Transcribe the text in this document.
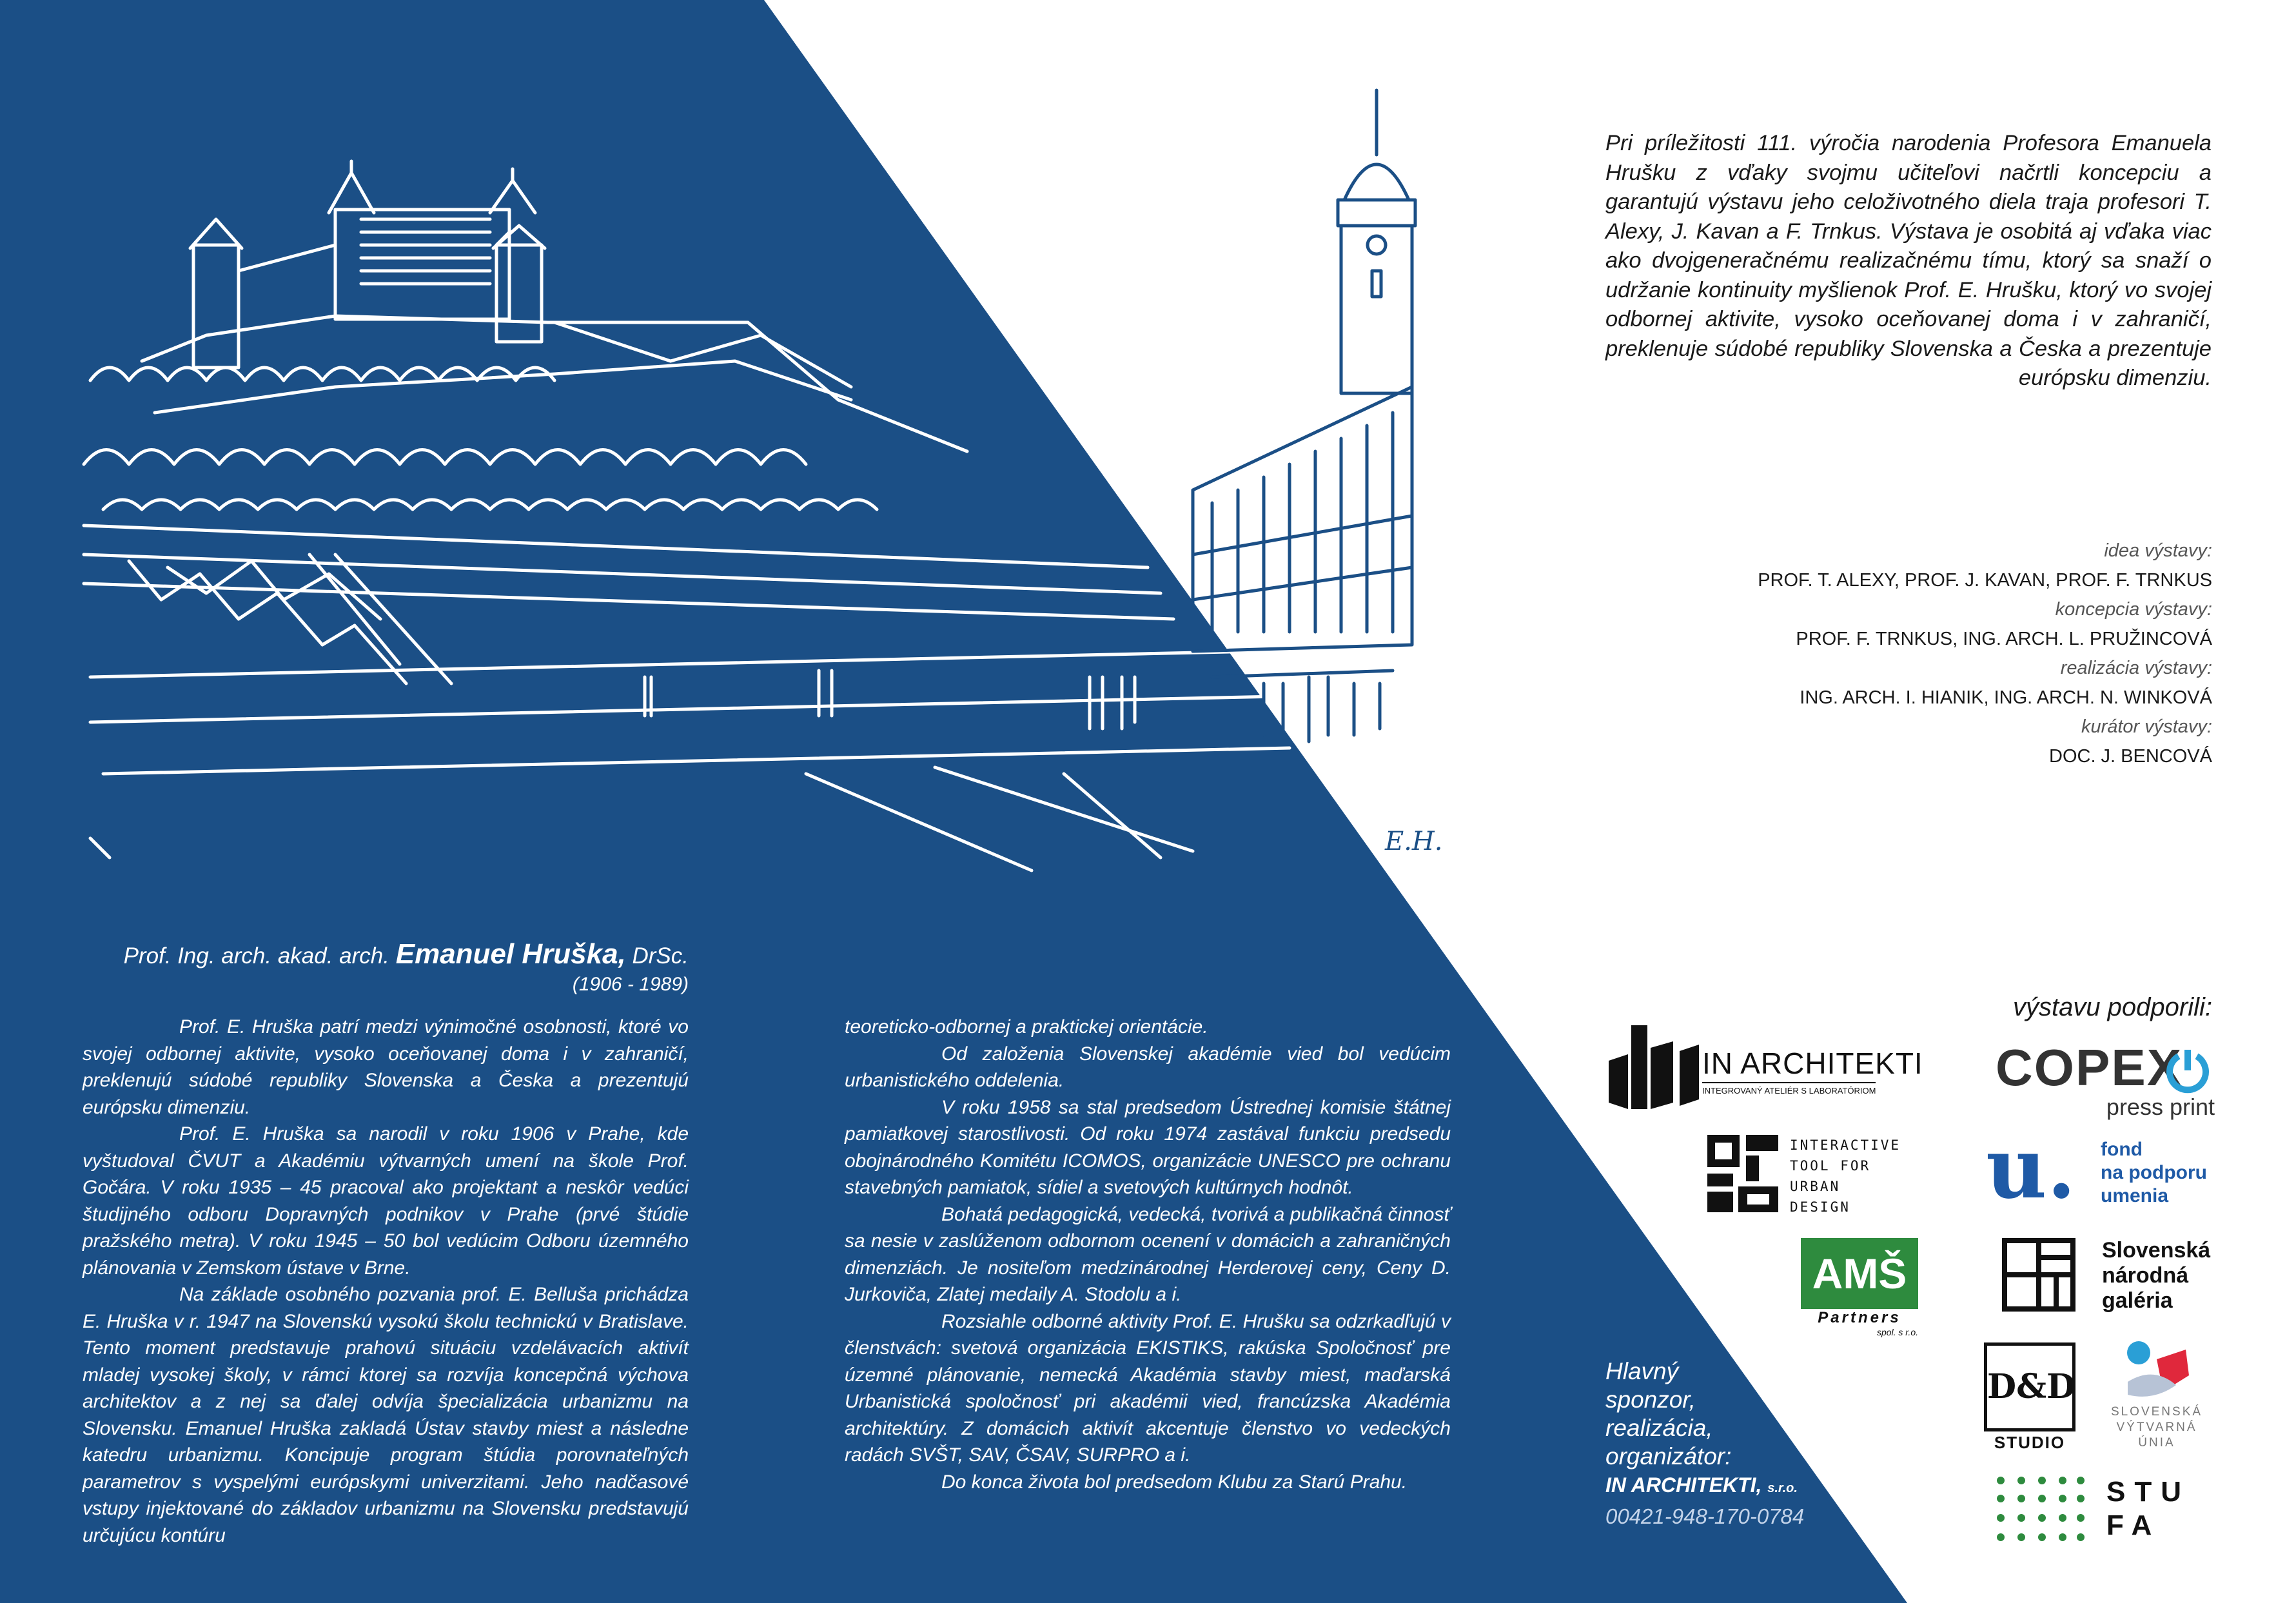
E.H.
Pri príležitosti 111. výročia narodenia Profesora Emanuela Hrušku z vďaky svojmu učiteľovi načrtli koncepciu a garantujú výstavu jeho celoživotného diela traja profesori T. Alexy, J. Kavan a F. Trnkus. Výstava je osobitá aj vďaka viac ako dvojgeneračnému realizačnému tímu, ktorý sa snaží o udržanie kontinuity myšlienok Prof. E. Hrušku, ktorý vo svojej odbornej aktivite, vysoko oceňovanej doma i v zahraničí, preklenuje súdobé republiky Slovenska a Česka a prezentuje európsku dimenziu.
idea výstavy:
PROF. T. ALEXY, PROF. J. KAVAN, PROF. F. TRNKUS
koncepcia výstavy:
PROF. F. TRNKUS, ING. ARCH. L. PRUŽINCOVÁ
realizácia výstavy:
ING. ARCH. I. HIANIK, ING. ARCH. N. WINKOVÁ
kurátor výstavy:
DOC. J. BENCOVÁ
Prof. Ing. arch. akad. arch. Emanuel Hruška, DrSc.
(1906 - 1989)

Prof. E. Hruška patrí medzi výnimočné osobnosti, ktoré vo svojej odbornej aktivite, vysoko oceňovanej doma i v zahraničí, preklenujú súdobé republiky Slovenska a Česka a prezentujú európsku dimenziu.

Prof. E. Hruška sa narodil v roku 1906 v Prahe, kde vyštudoval ČVUT a Akadémiu výtvarných umení na škole Prof. Gočára. V roku 1935 – 45 pracoval ako projektant a neskôr vedúci študijného odboru Dopravných podnikov v Prahe (prvé štúdie pražského metra). V roku 1945 – 50 bol vedúcim Odboru územného plánovania v Zemskom ústave v Brne.

Na základe osobného pozvania prof. E. Belluša prichádza E. Hruška v r. 1947 na Slovenskú vysokú školu technickú v Bratislave. Tento moment predstavuje prahovú situáciu vzdelávacích aktivít mladej vysokej školy, v rámci ktorej sa rozvíja koncepčná výchova architektov a z nej sa ďalej odvíja špecializácia urbanizmu na Slovensku. Emanuel Hruška zakladá Ústav stavby miest a následne katedru urbanizmu. Koncipuje program štúdia porovnateľných parametrov s vyspelými európskymi univerzitami. Jeho nadčasové vstupy injektované do základov urbanizmu na Slovensku predstavujú určujúcu kontúru

teoreticko-odbornej a praktickej orientácie.

Od založenia Slovenskej akadémie vied bol vedúcim urbanistického oddelenia.

V roku 1958 sa stal predsedom Ústrednej komisie štátnej pamiatkovej starostlivosti. Od roku 1974 zastával funkciu predsedu obojnárodného Komitétu ICOMOS, organizácie UNESCO pre ochranu stavebných pamiatok, sídiel a svetových kultúrnych hodnôt.

Bohatá pedagogická, vedecká, tvorivá a publikačná činnosť sa nesie v zaslúženom odbornom ocenení v domácich a zahraničných dimenziách. Je nositeľom medzinárodnej Herderovej ceny, Ceny D. Jurkoviča, Zlatej medaily A. Stodolu a i.

Rozsiahle odborné aktivity Prof. E. Hrušku sa odzrkadľujú v členstvách: svetová organizácia EKISTIKS, rakúska Spoločnosť pre územné plánovanie, nemecká Akadémia stavby miest, maďarská Urbanistická spoločnosť pri akadémii vied, francúzska Akadémia architektúry. Z domácich aktivít akcentuje členstvo vo vedeckých radách SVŠT, SAV, ČSAV, SURPRO a i.

Do konca života bol predsedom Klubu za Starú Prahu.

výstavu podporili:
Hlavný
sponzor,
realizácia,
organizátor:
IN ARCHITEKTI, s.r.o.
00421-948-170-0784
IN ARCHITEKTI
INTEGROVANÝ ATELIÉR S LABORATÓRIOM
INTERACTIVE
TOOL FOR
URBAN
DESIGN
AMŠ
Partners
spol. s r.o.
COPEX
press print
u. fond
na podporu
umenia
Slovenská
národná
galéria
D&D
STUDIO
SLOVENSKÁ
VÝTVARNÁ
ÚNIA
STU
FA
